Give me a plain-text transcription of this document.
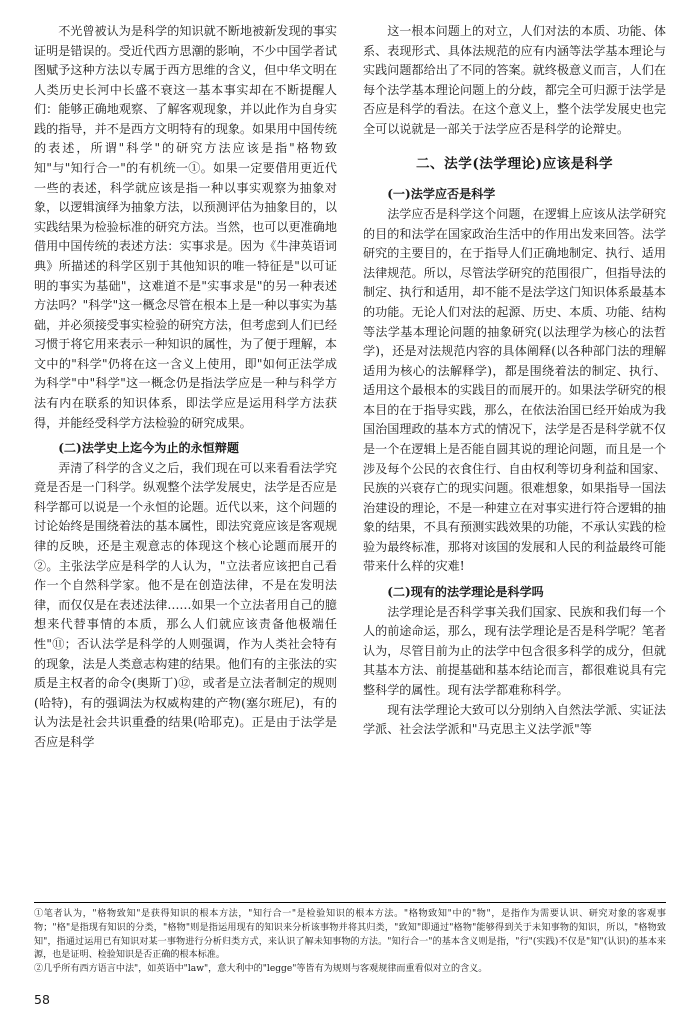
不光曾被认为是科学的知识就不断地被新发现的事实证明是错误的。受近代西方思潮的影响，不少中国学者试图赋予这种方法以专属于西方思维的含义，但中华文明在人类历史长河中长盛不衰这一基本事实却在不断提醒人们：能够正确地观察、了解客观现象，并以此作为自身实践的指导，并不是西方文明特有的现象。如果用中国传统的表述，所谓"科学"的研究方法应该是指"格物致知"与"知行合一"的有机统一①。如果一定要借用更近代一些的表述，科学就应该是指一种以事实观察为抽象对象，以逻辑演绎为抽象方法，以预测评估为抽象目的，以实践结果为检验标准的研究方法。当然，也可以更准确地借用中国传统的表述方法：实事求是。因为《牛津英语词典》所描述的科学区别于其他知识的唯一特征是"以可证明的事实为基础"，这难道不是"实事求是"的另一种表述方法吗？"科学"这一概念尽管在根本上是一种以事实为基础，并必须接受事实检验的研究方法，但考虑到人们已经习惯于将它用来表示一种知识的属性，为了便于理解，本文中的"科学"仍将在这一含义上使用，即"如何正法学成为科学"中"科学"这一概念仍是指法学应是一种与科学方法有内在联系的知识体系，即法学应是运用科学方法获得，并能经受科学方法检验的研究成果。

(二)法学史上迄今为止的永恒辩题

弄清了科学的含义之后，我们现在可以来看看法学究竟是否是一门科学。纵观整个法学发展史，法学是否应是科学都可以说是一个永恒的论题。近代以来，这个问题的讨论始终是围绕着法的基本属性，即法究竟应该是客观规律的反映，还是主观意志的体现这个核心论题而展开的②。主张法学应是科学的人认为，"立法者应该把自己看作一个自然科学家。他不是在创造法律，不是在发明法律，而仅仅是在表述法律……如果一个立法者用自己的臆想来代替事情的本质，那么人们就应该责备他极端任性"⑪；否认法学是科学的人则强调，作为人类社会特有的现象，法是人类意志构建的结果。他们有的主张法的实质是主权者的命令(奥斯丁)⑫，或者是立法者制定的规则(哈特)，有的强调法为权威构建的产物(塞尔班尼)，有的认为法是社会共识重叠的结果(哈耶克)。正是由于法学是否应是科学

这一根本问题上的对立，人们对法的本质、功能、体系、表现形式、具体法规范的应有内涵等法学基本理论与实践问题都给出了不同的答案。就终极意义而言，人们在每个法学基本理论问题上的分歧，都完全可归源于法学是否应是科学的看法。在这个意义上，整个法学发展史也完全可以说就是一部关于法学应否是科学的论辩史。

二、法学(法学理论)应该是科学

(一)法学应否是科学

法学应否是科学这个问题，在逻辑上应该从法学研究的目的和法学在国家政治生活中的作用出发来回答。法学研究的主要目的，在于指导人们正确地制定、执行、适用法律规范。所以，尽管法学研究的范围很广，但指导法的制定、执行和适用，却不能不是法学这门知识体系最基本的功能。无论人们对法的起源、历史、本质、功能、结构等法学基本理论问题的抽象研究(以法理学为核心的法哲学)，还是对法规范内容的具体阐释(以各种部门法的理解适用为核心的法解释学)，都是围绕着法的制定、执行、适用这个最根本的实践目的而展开的。如果法学研究的根本目的在于指导实践，那么，在依法治国已经开始成为我国治国理政的基本方式的情况下，法学是否是科学就不仅是一个在逻辑上是否能自圆其说的理论问题，而且是一个涉及每个公民的衣食住行、自由权利等切身利益和国家、民族的兴衰存亡的现实问题。很难想象，如果指导一国法治建设的理论，不是一种建立在对事实进行符合逻辑的抽象的结果，不具有预测实践效果的功能，不承认实践的检验为最终标准，那将对该国的发展和人民的利益最终可能带来什么样的灾难!

(二)现有的法学理论是科学吗

法学理论是否科学事关我们国家、民族和我们每一个人的前途命运，那么，现有法学理论是否是科学呢？笔者认为，尽管目前为止的法学中包含很多科学的成分，但就其基本方法、前提基础和基本结论而言，都很难说具有完整科学的属性。现有法学都难称科学。

现有法学理论大致可以分别纳入自然法学派、实证法学派、社会法学派和"马克思主义法学派"等

①笔者认为，"格物致知"是获得知识的根本方法，"知行合一"是检验知识的根本方法。"格物致知"中的"物"，是指作为需要认识、研究对象的客观事物；"格"是指现有知识的分类，"格物"则是指运用现有的知识来分析该事物并将其归类，"致知"即通过"格物"能够得到关于未知事物的知识，所以，"格物致知"，指通过运用已有知识对某一事物进行分析归类方式，来认识了解未知事物的方法。"知行合一"的基本含义则是指，"行"(实践)不仅是"知"(认识)的基本来源，也是证明、检验知识是否正确的根本标准。

②几乎所有西方语言中法"，如英语中"law"，意大利中的"legge"等皆有为规则与客观规律而重看似对立的含义。

58
